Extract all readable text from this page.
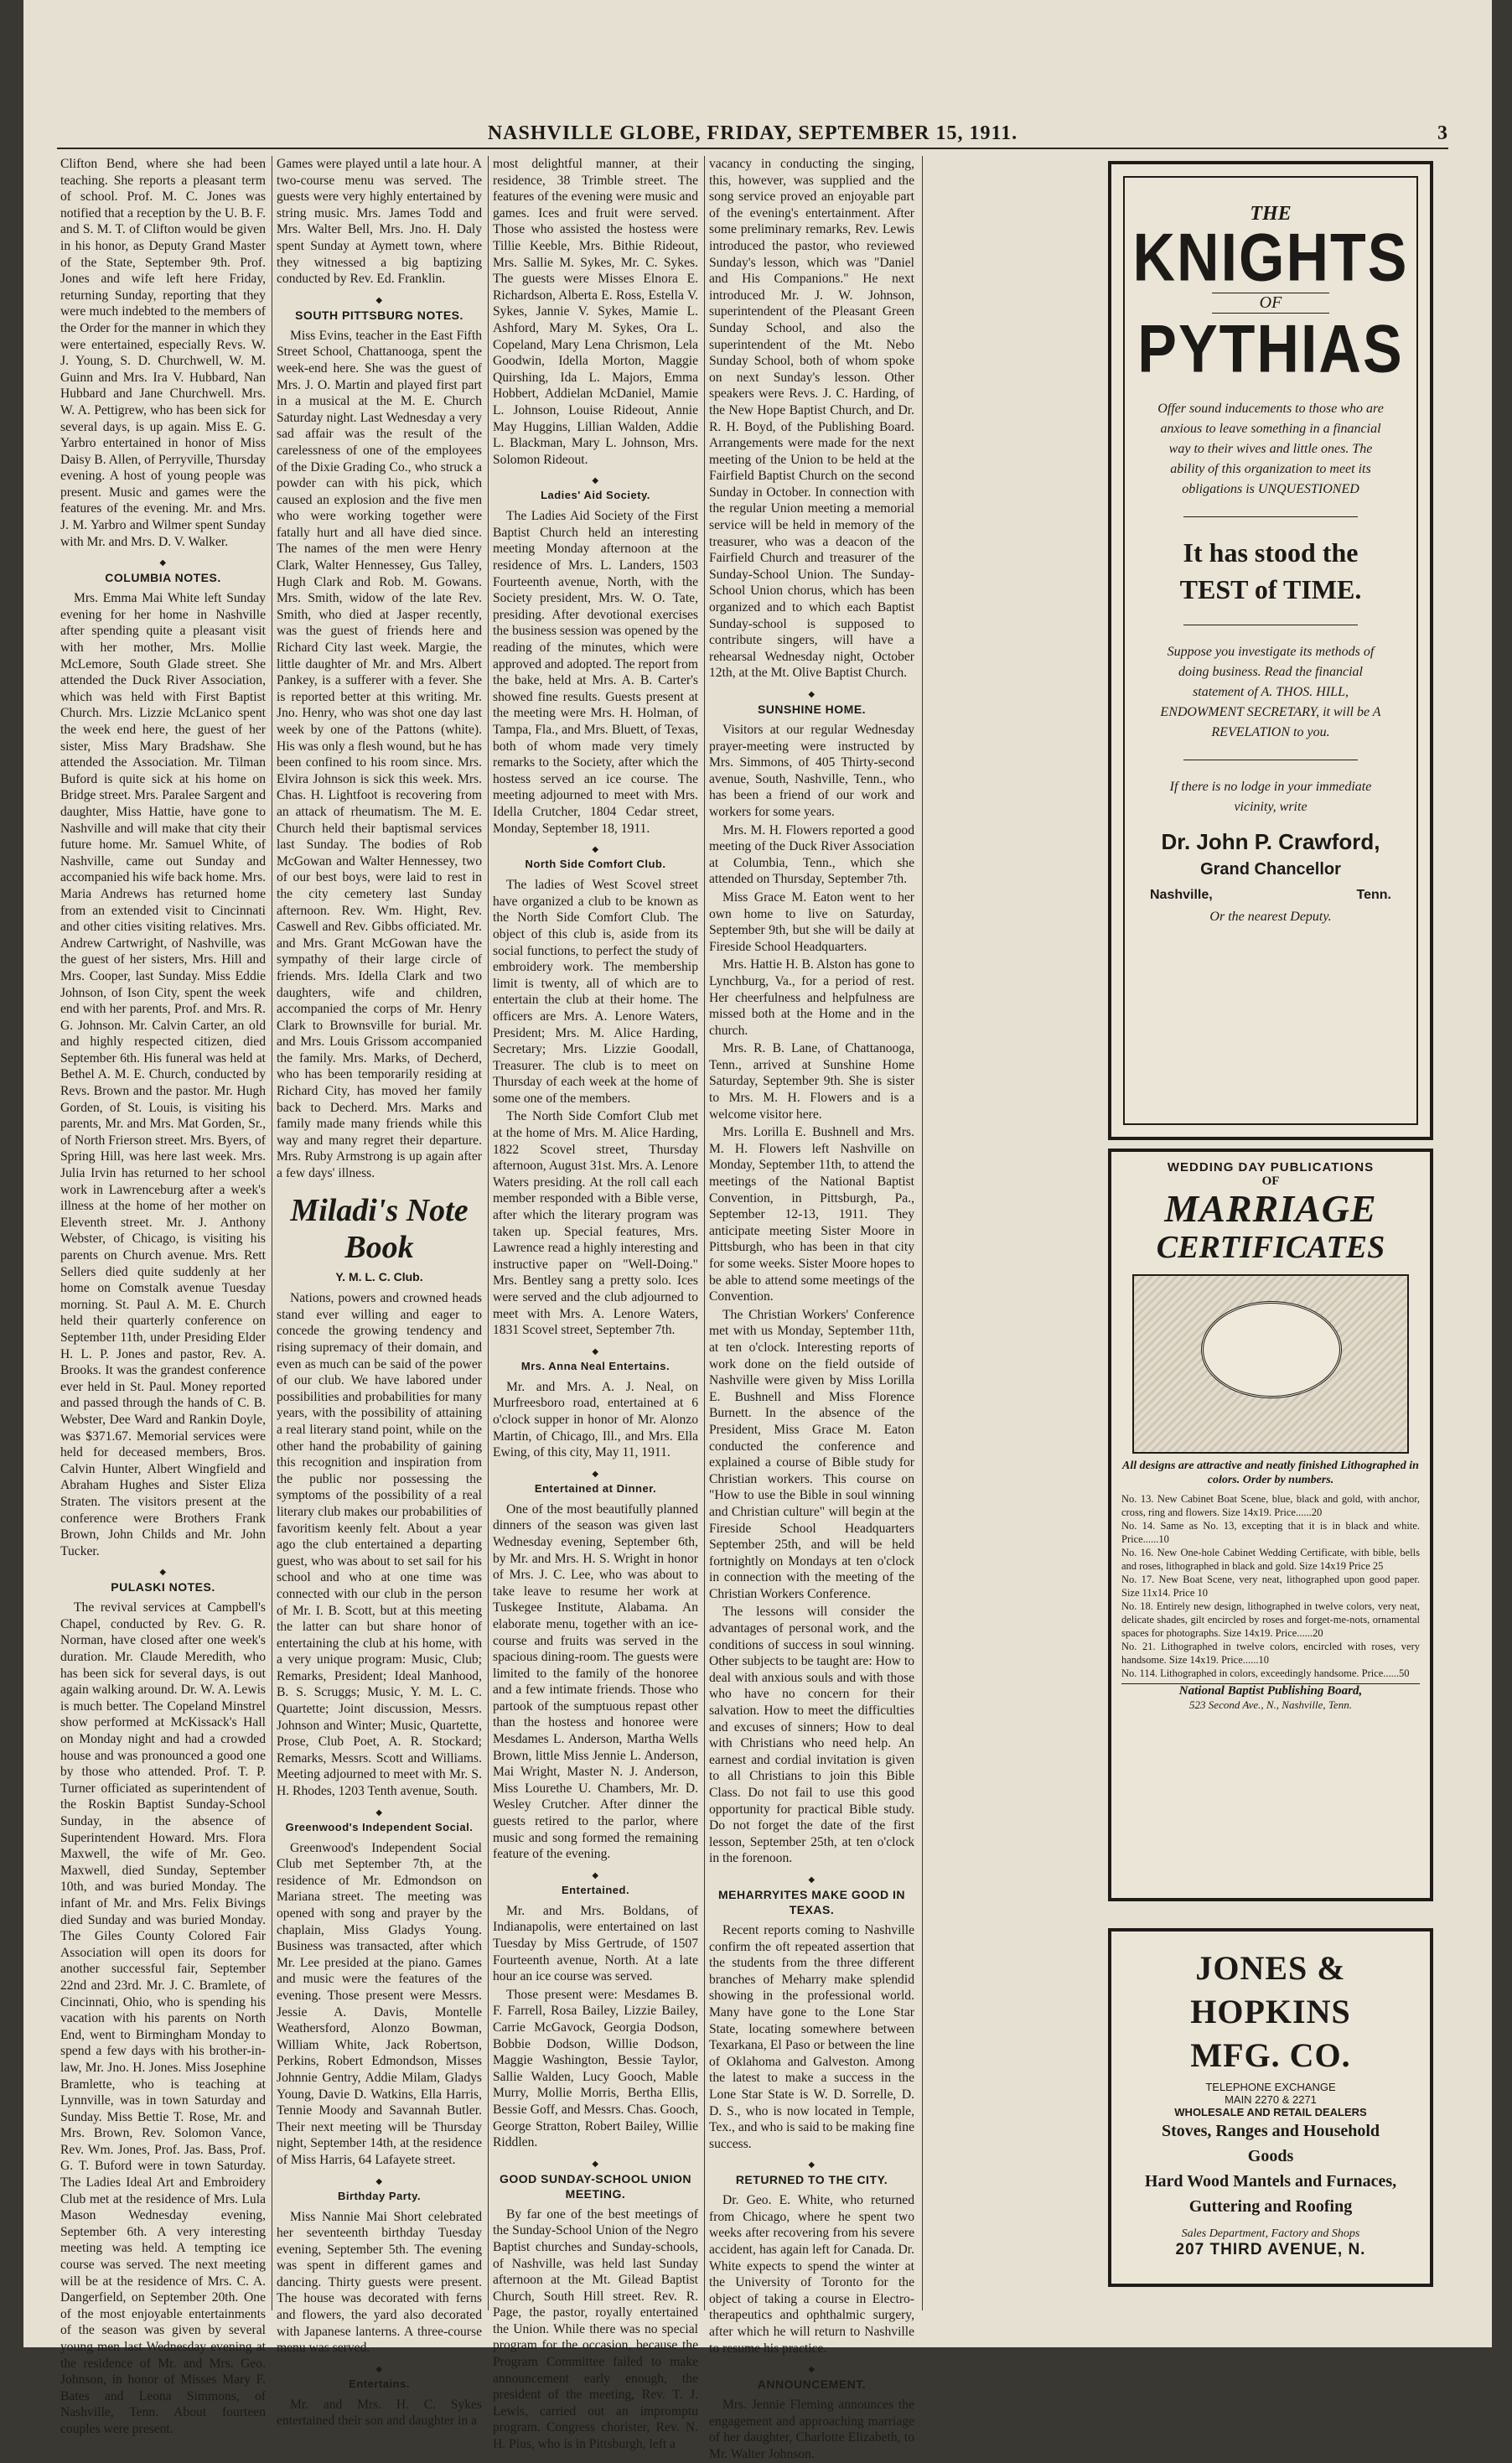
NASHVILLE GLOBE, FRIDAY, SEPTEMBER 15, 1911.	3

Clifton Bend, where she had been teaching. She reports a pleasant term of school. Prof. M. C. Jones was notified that a reception by the U. B. F. and S. M. T. of Clifton would be given in his honor, as Deputy Grand Master of the State, September 9th. Prof. Jones and wife left here Friday, returning Sunday, reporting that they were much indebted to the members of the Order for the manner in which they were entertained, especially Revs. W. J. Young, S. D. Churchwell, W. M. Guinn and Mrs. Ira V. Hubbard, Nan Hubbard and Jane Churchwell. Mrs. W. A. Pettigrew, who has been sick for several days, is up again. Miss E. G. Yarbro entertained in honor of Miss Daisy B. Allen, of Perryville, Thursday evening. A host of young people was present. Music and games were the features of the evening. Mr. and Mrs. J. M. Yarbro and Wilmer spent Sunday with Mr. and Mrs. D. V. Walker.

◆ COLUMBIA NOTES.

Mrs. Emma Mai White left Sunday evening for her home in Nashville after spending quite a pleasant visit with her mother, Mrs. Mollie McLemore, South Glade street. She attended the Duck River Association, which was held with First Baptist Church. Mrs. Lizzie McLanico spent the week end here, the guest of her sister, Miss Mary Bradshaw. She attended the Association. Mr. Tilman Buford is quite sick at his home on Bridge street. Mrs. Paralee Sargent and daughter, Miss Hattie, have gone to Nashville and will make that city their future home. Mr. Samuel White, of Nashville, came out Sunday and accompanied his wife back home. Mrs. Maria Andrews has returned home from an extended visit to Cincinnati and other cities visiting relatives. Mrs. Andrew Cartwright, of Nashville, was the guest of her sisters, Mrs. Hill and Mrs. Cooper, last Sunday. Miss Eddie Johnson, of Ison City, spent the week end with her parents, Prof. and Mrs. R. G. Johnson. Mr. Calvin Carter, an old and highly respected citizen, died September 6th. His funeral was held at Bethel A. M. E. Church, conducted by Revs. Brown and the pastor. Mr. Hugh Gorden, of St. Louis, is visiting his parents, Mr. and Mrs. Mat Gorden, Sr., of North Frierson street. Mrs. Byers, of Spring Hill, was here last week. Mrs. Julia Irvin has returned to her school work in Lawrenceburg after a week's illness at the home of her mother on Eleventh street. Mr. J. Anthony Webster, of Chicago, is visiting his parents on Church avenue. Mrs. Rett Sellers died quite suddenly at her home on Comstalk avenue Tuesday morning. St. Paul A. M. E. Church held their quarterly conference on September 11th, under Presiding Elder H. L. P. Jones and pastor, Rev. A. Brooks. It was the grandest conference ever held in St. Paul. Money reported and passed through the hands of C. B. Webster, Dee Ward and Rankin Doyle, was $371.67. Memorial services were held for deceased members, Bros. Calvin Hunter, Albert Wingfield and Abraham Hughes and Sister Eliza Straten. The visitors present at the conference were Brothers Frank Brown, John Childs and Mr. John Tucker.

◆ PULASKI NOTES.

The revival services at Campbell's Chapel, conducted by Rev. G. R. Norman, have closed after one week's duration. Mr. Claude Meredith, who has been sick for several days, is out again walking around. Dr. W. A. Lewis is much better. The Copeland Minstrel show performed at McKissack's Hall on Monday night and had a crowded house and was pronounced a good one by those who attended. Prof. T. P. Turner officiated as superintendent of the Roskin Baptist Sunday-School Sunday, in the absence of Superintendent Howard. Mrs. Flora Maxwell, the wife of Mr. Geo. Maxwell, died Sunday, September 10th, and was buried Monday. The infant of Mr. and Mrs. Felix Bivings died Sunday and was buried Monday. The Giles County Colored Fair Association will open its doors for another successful fair, September 22nd and 23rd. Mr. J. C. Bramlete, of Cincinnati, Ohio, who is spending his vacation with his parents on North End, went to Birmingham Monday to spend a few days with his brother-in-law, Mr. Jno. H. Jones. Miss Josephine Bramlette, who is teaching at Lynnville, was in town Saturday and Sunday. Miss Bettie T. Rose, Mr. and Mrs. Brown, Rev. Solomon Vance, Rev. Wm. Jones, Prof. Jas. Bass, Prof. G. T. Buford were in town Saturday. The Ladies Ideal Art and Embroidery Club met at the residence of Mrs. Lula Mason Wednesday evening, September 6th. A very interesting meeting was held. A tempting ice course was served. The next meeting will be at the residence of Mrs. C. A. Dangerfield, on September 20th. One of the most enjoyable entertainments of the season was given by several young men last Wednesday evening at the residence of Mr. and Mrs. Geo. Johnson, in honor of Misses Mary F. Bates and Leona Simmons, of Nashville, Tenn. About fourteen couples were present.

Games were played until a late hour. A two-course menu was served. The guests were very highly entertained by string music. Mrs. James Todd and Mrs. Walter Bell, Mrs. Jno. H. Daly spent Sunday at Aymett town, where they witnessed a big baptizing conducted by Rev. Ed. Franklin.

◆ SOUTH PITTSBURG NOTES.

Miss Evins, teacher in the East Fifth Street School, Chattanooga, spent the week-end here. She was the guest of Mrs. J. O. Martin and played first part in a musical at the M. E. Church Saturday night. Last Wednesday a very sad affair was the result of the carelessness of one of the employees of the Dixie Grading Co., who struck a powder can with his pick, which caused an explosion and the five men who were working together were fatally hurt and all have died since. The names of the men were Henry Clark, Walter Hennessey, Gus Talley, Hugh Clark and Rob. M. Gowans. Mrs. Smith, widow of the late Rev. Smith, who died at Jasper recently, was the guest of friends here and Richard City last week. Margie, the little daughter of Mr. and Mrs. Albert Pankey, is a sufferer with a fever. She is reported better at this writing. Mr. Jno. Henry, who was shot one day last week by one of the Pattons (white). His was only a flesh wound, but he has been confined to his room since. Mrs. Elvira Johnson is sick this week. Mrs. Chas. H. Lightfoot is recovering from an attack of rheumatism. The M. E. Church held their baptismal services last Sunday. The bodies of Rob McGowan and Walter Hennessey, two of our best boys, were laid to rest in the city cemetery last Sunday afternoon. Rev. Wm. Hight, Rev. Caswell and Rev. Gibbs officiated. Mr. and Mrs. Grant McGowan have the sympathy of their large circle of friends. Mrs. Idella Clark and two daughters, wife and children, accompanied the corps of Mr. Henry Clark to Brownsville for burial. Mr. and Mrs. Louis Grissom accompanied the family. Mrs. Marks, of Decherd, who has been temporarily residing at Richard City, has moved her family back to Decherd. Mrs. Marks and family made many friends while this way and many regret their departure. Mrs. Ruby Armstrong is up again after a few days' illness.

Miladi's Note Book
Y. M. L. C. Club.

Nations, powers and crowned heads stand ever willing and eager to concede the growing tendency and rising supremacy of their domain, and even as much can be said of the power of our club. We have labored under possibilities and probabilities for many years, with the possibility of attaining a real literary stand point, while on the other hand the probability of gaining this recognition and inspiration from the public nor possessing the symptoms of the possibility of a real literary club makes our probabilities of favoritism keenly felt. About a year ago the club entertained a departing guest, who was about to set sail for his school and who at one time was connected with our club in the person of Mr. I. B. Scott, but at this meeting the latter can but share honor of entertaining the club at his home, with a very unique program: Music, Club; Remarks, President; Ideal Manhood, B. S. Scruggs; Music, Y. M. L. C. Quartette; Joint discussion, Messrs. Johnson and Winter; Music, Quartette, Prose, Club Poet, A. R. Stockard; Remarks, Messrs. Scott and Williams. Meeting adjourned to meet with Mr. S. H. Rhodes, 1203 Tenth avenue, South.

◆ Greenwood's Independent Social.

Greenwood's Independent Social Club met September 7th, at the residence of Mr. Edmondson on Mariana street. The meeting was opened with song and prayer by the chaplain, Miss Gladys Young. Business was transacted, after which Mr. Lee presided at the piano. Games and music were the features of the evening. Those present were Messrs. Jessie A. Davis, Montelle Weathersford, Alonzo Bowman, William White, Jack Robertson, Perkins, Robert Edmondson, Misses Johnnie Gentry, Addie Milam, Gladys Young, Davie D. Watkins, Ella Harris, Tennie Moody and Savannah Butler. Their next meeting will be Thursday night, September 14th, at the residence of Miss Harris, 64 Lafayete street.

◆ Birthday Party.

Miss Nannie Mai Short celebrated her seventeenth birthday Tuesday evening, September 5th. The evening was spent in different games and dancing. Thirty guests were present. The house was decorated with ferns and flowers, the yard also decorated with Japanese lanterns. A three-course menu was served.

◆ Entertains.

Mr. and Mrs. H. C. Sykes entertained their son and daughter in a

most delightful manner, at their residence, 38 Trimble street. The features of the evening were music and games. Ices and fruit were served. Those who assisted the hostess were Tillie Keeble, Mrs. Bithie Rideout, Mrs. Sallie M. Sykes, Mr. C. Sykes. The guests were Misses Elnora E. Richardson, Alberta E. Ross, Estella V. Sykes, Jannie V. Sykes, Mamie L. Ashford, Mary M. Sykes, Ora L. Copeland, Mary Lena Chrismon, Lela Goodwin, Idella Morton, Maggie Quirshing, Ida L. Majors, Emma Hobbert, Addielan McDaniel, Mamie L. Johnson, Louise Rideout, Annie May Huggins, Lillian Walden, Addie L. Blackman, Mary L. Johnson, Mrs. Solomon Rideout.

◆ Ladies' Aid Society.

The Ladies Aid Society of the First Baptist Church held an interesting meeting Monday afternoon at the residence of Mrs. L. Landers, 1503 Fourteenth avenue, North, with the Society president, Mrs. W. O. Tate, presiding. After devotional exercises the business session was opened by the reading of the minutes, which were approved and adopted. The report from the bake, held at Mrs. A. B. Carter's showed fine results. Guests present at the meeting were Mrs. H. Holman, of Tampa, Fla., and Mrs. Bluett, of Texas, both of whom made very timely remarks to the Society, after which the hostess served an ice course. The meeting adjourned to meet with Mrs. Idella Crutcher, 1804 Cedar street, Monday, September 18, 1911.

◆ North Side Comfort Club.

The ladies of West Scovel street have organized a club to be known as the North Side Comfort Club. The object of this club is, aside from its social functions, to perfect the study of embroidery work. The membership limit is twenty, all of which are to entertain the club at their home. The officers are Mrs. A. Lenore Waters, President; Mrs. M. Alice Harding, Secretary; Mrs. Lizzie Goodall, Treasurer. The club is to meet on Thursday of each week at the home of some one of the members.

The North Side Comfort Club met at the home of Mrs. M. Alice Harding, 1822 Scovel street, Thursday afternoon, August 31st. Mrs. A. Lenore Waters presiding. At the roll call each member responded with a Bible verse, after which the literary program was taken up. Special features, Mrs. Lawrence read a highly interesting and instructive paper on "Well-Doing." Mrs. Bentley sang a pretty solo. Ices were served and the club adjourned to meet with Mrs. A. Lenore Waters, 1831 Scovel street, September 7th.

◆ Mrs. Anna Neal Entertains.

Mr. and Mrs. A. J. Neal, on Murfreesboro road, entertained at 6 o'clock supper in honor of Mr. Alonzo Martin, of Chicago, Ill., and Mrs. Ella Ewing, of this city, May 11, 1911.

◆ Entertained at Dinner.

One of the most beautifully planned dinners of the season was given last Wednesday evening, September 6th, by Mr. and Mrs. H. S. Wright in honor of Mrs. J. C. Lee, who was about to take leave to resume her work at Tuskegee Institute, Alabama. An elaborate menu, together with an ice-course and fruits was served in the spacious dining-room. The guests were limited to the family of the honoree and a few intimate friends. Those who partook of the sumptuous repast other than the hostess and honoree were Mesdames L. Anderson, Martha Wells Brown, little Miss Jennie L. Anderson, Mai Wright, Master N. J. Anderson, Miss Lourethe U. Chambers, Mr. D. Wesley Crutcher. After dinner the guests retired to the parlor, where music and song formed the remaining feature of the evening.

◆ Entertained.

Mr. and Mrs. Boldans, of Indianapolis, were entertained on last Tuesday by Miss Gertrude, of 1507 Fourteenth avenue, North. At a late hour an ice course was served.

Those present were: Mesdames B. F. Farrell, Rosa Bailey, Lizzie Bailey, Carrie McGavock, Georgia Dodson, Bobbie Dodson, Willie Dodson, Maggie Washington, Bessie Taylor, Sallie Walden, Lucy Gooch, Mable Murry, Mollie Morris, Bertha Ellis, Bessie Goff, and Messrs. Chas. Gooch, George Stratton, Robert Bailey, Willie Riddlen.

◆ GOOD SUNDAY-SCHOOL UNION MEETING.

By far one of the best meetings of the Sunday-School Union of the Negro Baptist churches and Sunday-schools, of Nashville, was held last Sunday afternoon at the Mt. Gilead Baptist Church, South Hill street. Rev. R. Page, the pastor, royally entertained the Union. While there was no special program for the occasion, because the Program Committee failed to make announcement early enough, the president of the meeting, Rev. T. J. Lewis, carried out an impromptu program. Congress chorister, Rev. N. H. Pius, who is in Pittsburgh, left a

vacancy in conducting the singing, this, however, was supplied and the song service proved an enjoyable part of the evening's entertainment. After some preliminary remarks, Rev. Lewis introduced the pastor, who reviewed Sunday's lesson, which was "Daniel and His Companions." He next introduced Mr. J. W. Johnson, superintendent of the Pleasant Green Sunday School, and also the superintendent of the Mt. Nebo Sunday School, both of whom spoke on next Sunday's lesson. Other speakers were Revs. J. C. Harding, of the New Hope Baptist Church, and Dr. R. H. Boyd, of the Publishing Board. Arrangements were made for the next meeting of the Union to be held at the Fairfield Baptist Church on the second Sunday in October. In connection with the regular Union meeting a memorial service will be held in memory of the treasurer, who was a deacon of the Fairfield Church and treasurer of the Sunday-School Union. The Sunday-School Union chorus, which has been organized and to which each Baptist Sunday-school is supposed to contribute singers, will have a rehearsal Wednesday night, October 12th, at the Mt. Olive Baptist Church.

◆ SUNSHINE HOME.

Visitors at our regular Wednesday prayer-meeting were instructed by Mrs. Simmons, of 405 Thirty-second avenue, South, Nashville, Tenn., who has been a friend of our work and workers for some years.

Mrs. M. H. Flowers reported a good meeting of the Duck River Association at Columbia, Tenn., which she attended on Thursday, September 7th.

Miss Grace M. Eaton went to her own home to live on Saturday, September 9th, but she will be daily at Fireside School Headquarters.

Mrs. Hattie H. B. Alston has gone to Lynchburg, Va., for a period of rest. Her cheerfulness and helpfulness are missed both at the Home and in the church.

Mrs. R. B. Lane, of Chattanooga, Tenn., arrived at Sunshine Home Saturday, September 9th. She is sister to Mrs. M. H. Flowers and is a welcome visitor here.

Mrs. Lorilla E. Bushnell and Mrs. M. H. Flowers left Nashville on Monday, September 11th, to attend the meetings of the National Baptist Convention, in Pittsburgh, Pa., September 12-13, 1911. They anticipate meeting Sister Moore in Pittsburgh, who has been in that city for some weeks. Sister Moore hopes to be able to attend some meetings of the Convention.

The Christian Workers' Conference met with us Monday, September 11th, at ten o'clock. Interesting reports of work done on the field outside of Nashville were given by Miss Lorilla E. Bushnell and Miss Florence Burnett. In the absence of the President, Miss Grace M. Eaton conducted the conference and explained a course of Bible study for Christian workers. This course on "How to use the Bible in soul winning and Christian culture" will begin at the Fireside School Headquarters September 25th, and will be held fortnightly on Mondays at ten o'clock in connection with the meeting of the Christian Workers Conference.

The lessons will consider the advantages of personal work, and the conditions of success in soul winning. Other subjects to be taught are: How to deal with anxious souls and with those who have no concern for their salvation. How to meet the difficulties and excuses of sinners; How to deal with Christians who need help. An earnest and cordial invitation is given to all Christians to join this Bible Class. Do not fail to use this good opportunity for practical Bible study. Do not forget the date of the first lesson, September 25th, at ten o'clock in the forenoon.

◆ MEHARRYITES MAKE GOOD IN TEXAS.

Recent reports coming to Nashville confirm the oft repeated assertion that the students from the three different branches of Meharry make splendid showing in the professional world. Many have gone to the Lone Star State, locating somewhere between Texarkana, El Paso or between the line of Oklahoma and Galveston. Among the latest to make a success in the Lone Star State is W. D. Sorrelle, D. D. S., who is now located in Temple, Tex., and who is said to be making fine success.

◆ RETURNED TO THE CITY.

Dr. Geo. E. White, who returned from Chicago, where he spent two weeks after recovering from his severe accident, has again left for Canada. Dr. White expects to spend the winter at the University of Toronto for the object of taking a course in Electro-therapeutics and ophthalmic surgery, after which he will return to Nashville to resume his practice.

◆ ANNOUNCEMENT.

Mrs. Jennie Fleming announces the engagement and approaching marriage of her daughter, Charlotte Elizabeth, to Mr. Walter Johnson.

THE
KNIGHTS
OF
PYTHIAS
Offer sound inducements to those who are anxious to leave something in a financial way to their wives and little ones. The ability of this organization to meet its obligations is UNQUESTIONED
It has stood the
TEST of TIME.
Suppose you investigate its methods of doing business. Read the financial statement of A. THOS. HILL, ENDOWMENT SECRETARY, it will be A REVELATION to you.
If there is no lodge in your immediate vicinity, write
Dr. John P. Crawford,
Grand Chancellor
Nashville,	Tenn.
Or the nearest Deputy.
WEDDING DAY PUBLICATIONS
OF
MARRIAGE
CERTIFICATES
All designs are attractive and neatly finished Lithographed in colors. Order by numbers.

No. 13. New Cabinet Boat Scene, blue, black and gold, with anchor, cross, ring and flowers. Size 14x19. Price......20

No. 14. Same as No. 13, excepting that it is in black and white. Price......10

No. 16. New One-hole Cabinet Wedding Certificate, with bible, bells and roses, lithographed in black and gold. Size 14x19 Price 25

No. 17. New Boat Scene, very neat, lithographed upon good paper. Size 11x14. Price 10

No. 18. Entirely new design, lithographed in twelve colors, very neat, delicate shades, gilt encircled by roses and forget-me-nots, ornamental spaces for photographs. Size 14x19. Price......20

No. 21. Lithographed in twelve colors, encircled with roses, very handsome. Size 14x19. Price......10

No. 114. Lithographed in colors, exceedingly handsome. Price......50

National Baptist Publishing Board,
523 Second Ave., N., Nashville, Tenn.
JONES & HOPKINS
MFG. CO.
TELEPHONE EXCHANGE
MAIN 2270 & 2271
WHOLESALE AND RETAIL DEALERS
Stoves, Ranges and Household
Goods
Hard Wood Mantels and Furnaces, Guttering and Roofing
Sales Department, Factory and Shops
207 THIRD AVENUE, N.
